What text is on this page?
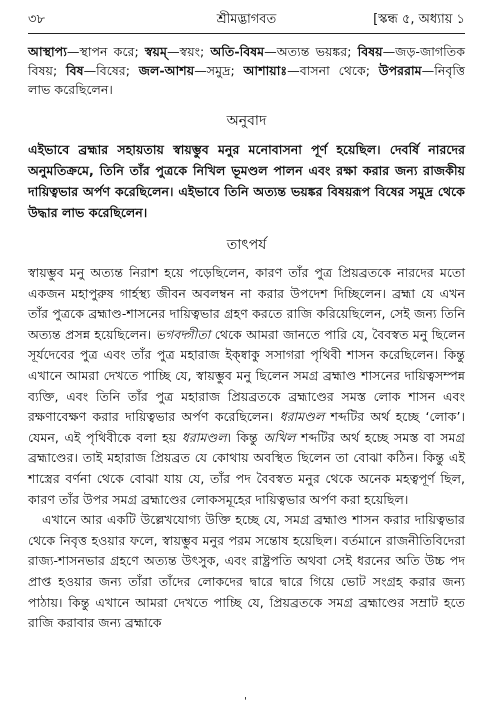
৩৮	শ্রীমদ্ভাগবত	[স্কন্ধ ৫, অধ্যায় ১

আস্থাপ্য—স্থাপন করে; স্বয়ম্—স্বয়ং; অতি-বিষম—অত্যন্ত ভয়ঙ্কর; বিষয়—জড়-জাগতিক বিষয়; বিষ—বিষের; জল-আশয়—সমুদ্র; আশায়াঃ—বাসনা থেকে; উপররাম—নিবৃত্তি লাভ করেছিলেন।

অনুবাদ

এইভাবে ব্রহ্মার সহায়তায় স্বায়ম্ভুব মনুর মনোবাসনা পূর্ণ হয়েছিল। দেবর্ষি নারদের অনুমতিক্রমে, তিনি তাঁর পুত্রকে নিখিল ভূমণ্ডল পালন এবং রক্ষা করার জন্য রাজকীয় দায়িত্বভার অর্পণ করেছিলেন। এইভাবে তিনি অত্যন্ত ভয়ঙ্কর বিষয়রূপ বিষের সমুদ্র থেকে উদ্ধার লাভ করেছিলেন।

তাৎপর্য

স্বায়ম্ভুব মনু অত্যন্ত নিরাশ হয়ে পড়েছিলেন, কারণ তাঁর পুত্র প্রিয়ব্রতকে নারদের মতো একজন মহাপুরুষ গার্হস্থ্য জীবন অবলম্বন না করার উপদেশ দিচ্ছিলেন। ব্রহ্মা যে এখন তাঁর পুত্রকে ব্রহ্মাণ্ড-শাসনের দায়িত্বভার গ্রহণ করতে রাজি করিয়েছিলেন, সেই জন্য তিনি অত্যন্ত প্রসন্ন হয়েছিলেন। ভগবদ্গীতা থেকে আমরা জানতে পারি যে, বৈবস্বত মনু ছিলেন সূর্যদেবের পুত্র এবং তাঁর পুত্র মহারাজ ইক্ষ্বাকু সসাগরা পৃথিবী শাসন করেছিলেন। কিন্তু এখানে আমরা দেখতে পাচ্ছি যে, স্বায়ম্ভুব মনু ছিলেন সমগ্র ব্রহ্মাণ্ড শাসনের দায়িত্বসম্পন্ন ব্যক্তি, এবং তিনি তাঁর পুত্র মহারাজ প্রিয়ব্রতকে ব্রহ্মাণ্ডের সমস্ত লোক শাসন এবং রক্ষণাবেক্ষণ করার দায়িত্বভার অর্পণ করেছিলেন। ধরামণ্ডল শব্দটির অর্থ হচ্ছে ‘লোক’। যেমন, এই পৃথিবীকে বলা হয় ধরামণ্ডল। কিন্তু অখিল শব্দটির অর্থ হচ্ছে সমস্ত বা সমগ্র ব্রহ্মাণ্ডের। তাই মহারাজ প্রিয়ব্রত যে কোথায় অবস্থিত ছিলেন তা বোঝা কঠিন। কিন্তু এই শাস্ত্রের বর্ণনা থেকে বোঝা যায় যে, তাঁর পদ বৈবস্বত মনুর থেকে অনেক মহত্বপূর্ণ ছিল, কারণ তাঁর উপর সমগ্র ব্রহ্মাণ্ডের লোকসমূহের দায়িত্বভার অর্পণ করা হয়েছিল।

এখানে আর একটি উল্লেখযোগ্য উক্তি হচ্ছে যে, সমগ্র ব্রহ্মাণ্ড শাসন করার দায়িত্বভার থেকে নিবৃত্ত হওয়ার ফলে, স্বায়ম্ভুব মনুর পরম সন্তোষ হয়েছিল। বর্তমানে রাজনীতিবিদেরা রাজ্য-শাসনভার গ্রহণে অত্যন্ত উৎসুক, এবং রাষ্ট্রপতি অথবা সেই ধরনের অতি উচ্চ পদ প্রাপ্ত হওয়ার জন্য তাঁরা তাঁদের লোকদের দ্বারে দ্বারে গিয়ে ভোট সংগ্রহ করার জন্য পাঠায়। কিন্তু এখানে আমরা দেখতে পাচ্ছি যে, প্রিয়ব্রতকে সমগ্র ব্রহ্মাণ্ডের সম্রাট হতে রাজি করাবার জন্য ব্রহ্মাকে

'
